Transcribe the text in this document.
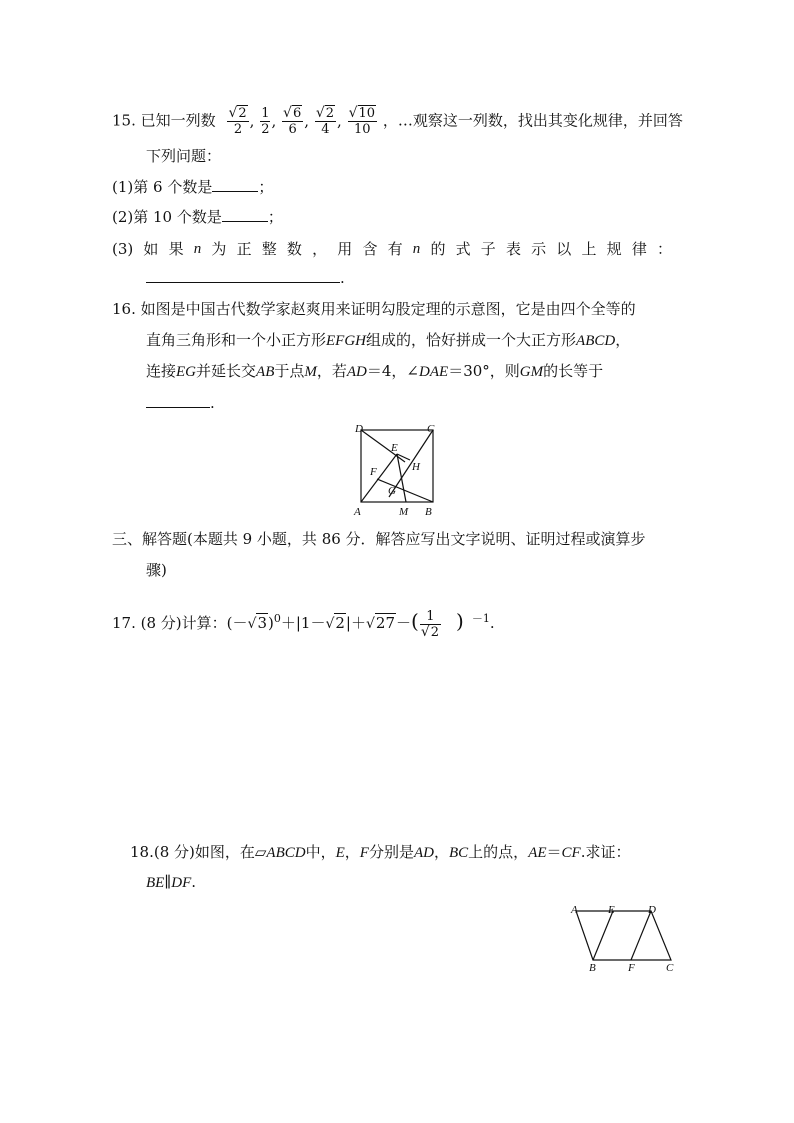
15. 已知一列数 $\frac{√2}{2}$ , $\frac{1}{2}$ , $\frac{√6}{6}$ , $\frac{√2}{4}$ , $\frac{√10}{10}$ ，…观察这一列数，找出其变化规律，并回答
下列问题：
(1)第 6 个数是	；
(2)第 10 个数是	；
(3) 如 果 n 为 正 整 数 ， 用 含 有 n 的 式 子 表 示 以 上 规 律 ：
.
16. 如图是中国古代数学家赵爽用来证明勾股定理的示意图，它是由四个全等的
直角三角形和一个小正方形EFGH组成的，恰好拼成一个大正方形ABCD，
连接EG并延长交AB于点M，若AD＝4，∠DAE＝30°，则GM的长等于
.
D	C
E
F	H
G
A	M B
三、解答题(本题共 9 小题，共 86 分．解答应写出文字说明、证明过程或演算步
骤)
17. (8 分)计算：$(-√3)^0+|1-√2|+√27-( \frac{1}{√2}$ ) $^{-1}$.
18.(8 分)如图，在▱ABCD中，E，F分别是AD，BC上的点，AE＝CF.求证：
BE∥DF.
A	E	D
B	F	C
